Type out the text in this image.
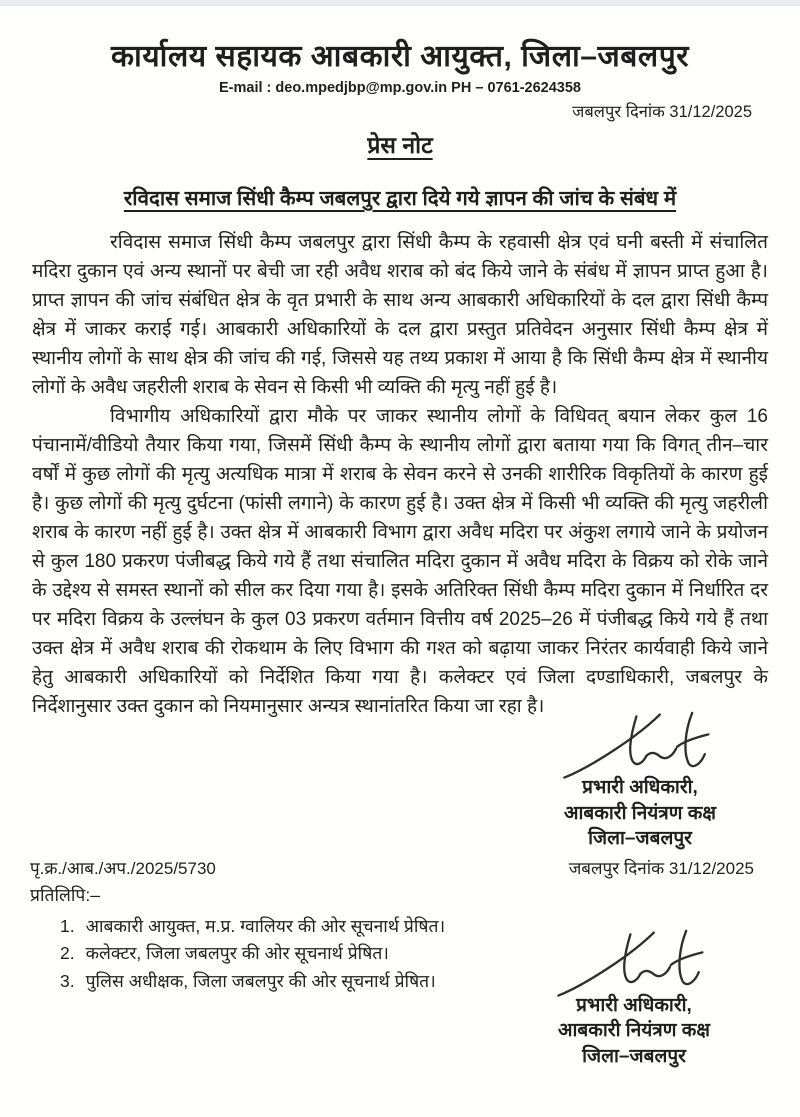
कार्यालय सहायक आबकारी आयुक्त, जिला–जबलपुर
E-mail : deo.mpedjbp@mp.gov.in PH – 0761-2624358
जबलपुर दिनांक 31/12/2025
प्रेस नोट
रविदास समाज सिंधी कैम्प जबलपुर द्वारा दिये गये ज्ञापन की जांच के संबंध में

रविदास समाज सिंधी कैम्प जबलपुर द्वारा सिंधी कैम्प के रहवासी क्षेत्र एवं घनी बस्ती में संचालित मदिरा दुकान एवं अन्य स्थानों पर बेची जा रही अवैध शराब को बंद किये जाने के संबंध में ज्ञापन प्राप्त हुआ है। प्राप्त ज्ञापन की जांच संबंधित क्षेत्र के वृत प्रभारी के साथ अन्य आबकारी अधिकारियों के दल द्वारा सिंधी कैम्प क्षेत्र में जाकर कराई गई। आबकारी अधिकारियों के दल द्वारा प्रस्तुत प्रतिवेदन अनुसार सिंधी कैम्प क्षेत्र में स्थानीय लोगों के साथ क्षेत्र की जांच की गई, जिससे यह तथ्य प्रकाश में आया है कि सिंधी कैम्प क्षेत्र में स्थानीय लोगों के अवैध जहरीली शराब के सेवन से किसी भी व्यक्ति की मृत्यु नहीं हुई है।

विभागीय अधिकारियों द्वारा मौके पर जाकर स्थानीय लोगों के विधिवत् बयान लेकर कुल 16 पंचानामें/वीडियो तैयार किया गया, जिसमें सिंधी कैम्प के स्थानीय लोगों द्वारा बताया गया कि विगत् तीन–चार वर्षों में कुछ लोगों की मृत्यु अत्यधिक मात्रा में शराब के सेवन करने से उनकी शारीरिक विकृतियों के कारण हुई है। कुछ लोगों की मृत्यु दुर्घटना (फांसी लगाने) के कारण हुई है। उक्त क्षेत्र में किसी भी व्यक्ति की मृत्यु जहरीली शराब के कारण नहीं हुई है। उक्त क्षेत्र में आबकारी विभाग द्वारा अवैध मदिरा पर अंकुश लगाये जाने के प्रयोजन से कुल 180 प्रकरण पंजीबद्ध किये गये हैं तथा संचालित मदिरा दुकान में अवैध मदिरा के विक्रय को रोके जाने के उद्देश्य से समस्त स्थानों को सील कर दिया गया है। इसके अतिरिक्त सिंधी कैम्प मदिरा दुकान में निर्धारित दर पर मदिरा विक्रय के उल्लंघन के कुल 03 प्रकरण वर्तमान वित्तीय वर्ष 2025–26 में पंजीबद्ध किये गये हैं तथा उक्त क्षेत्र में अवैध शराब की रोकथाम के लिए विभाग की गश्त को बढ़ाया जाकर निरंतर कार्यवाही किये जाने हेतु आबकारी अधिकारियों को निर्देशित किया गया है। कलेक्टर एवं जिला दण्डाधिकारी, जबलपुर के निर्देशानुसार उक्त दुकान को नियमानुसार अन्यत्र स्थानांतरित किया जा रहा है।

प्रभारी अधिकारी,
आबकारी नियंत्रण कक्ष
जिला–जबलपुर
पृ.क्र./आब./अप./2025/5730	जबलपुर दिनांक 31/12/2025
प्रतिलिपि:–
1. आबकारी आयुक्त, म.प्र. ग्वालियर की ओर सूचनार्थ प्रेषित।
2. कलेक्टर, जिला जबलपुर की ओर सूचनार्थ प्रेषित।
3. पुलिस अधीक्षक, जिला जबलपुर की ओर सूचनार्थ प्रेषित।
प्रभारी अधिकारी,
आबकारी नियंत्रण कक्ष
जिला–जबलपुर
